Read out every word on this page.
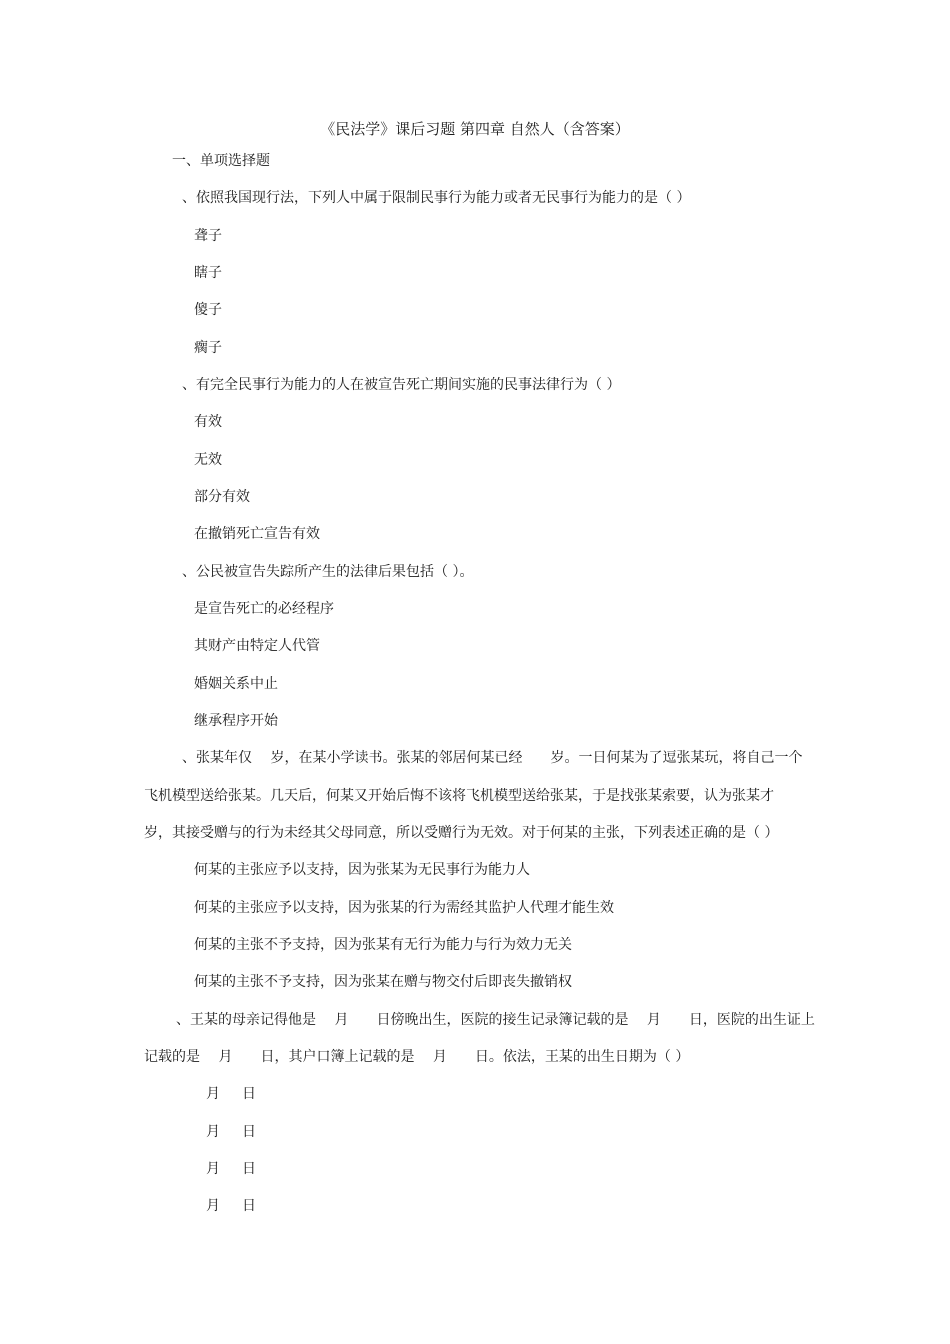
《民法学》课后习题 第四章 自然人（含答案）
一、单项选择题
、依照我国现行法，下列人中属于限制民事行为能力或者无民事行为能力的是（ ）
聋子
瞎子
傻子
瘸子
、有完全民事行为能力的人在被宣告死亡期间实施的民事法律行为（ ）
有效
无效
部分有效
在撤销死亡宣告有效
、公民被宣告失踪所产生的法律后果包括（ ）。
是宣告死亡的必经程序
其财产由特定人代管
婚姻关系中止
继承程序开始
、张某年仅　 岁，在某小学读书。张某的邻居何某已经　　岁。一日何某为了逗张某玩，将自己一个
飞机模型送给张某。几天后，何某又开始后悔不该将飞机模型送给张某，于是找张某索要，认为张某才
岁，其接受赠与的行为未经其父母同意，所以受赠行为无效。对于何某的主张，下列表述正确的是（ ）
何某的主张应予以支持，因为张某为无民事行为能力人
何某的主张应予以支持，因为张某的行为需经其监护人代理才能生效
何某的主张不予支持，因为张某有无行为能力与行为效力无关
何某的主张不予支持，因为张某在赠与物交付后即丧失撤销权
、王某的母亲记得他是　 月　　日傍晚出生，医院的接生记录簿记载的是　 月　　日，医院的出生证上
记载的是　 月　　日，其户口簿上记载的是　 月　　日。依法，王某的出生日期为（ ）
月 日
月 日
月 日
月 日
